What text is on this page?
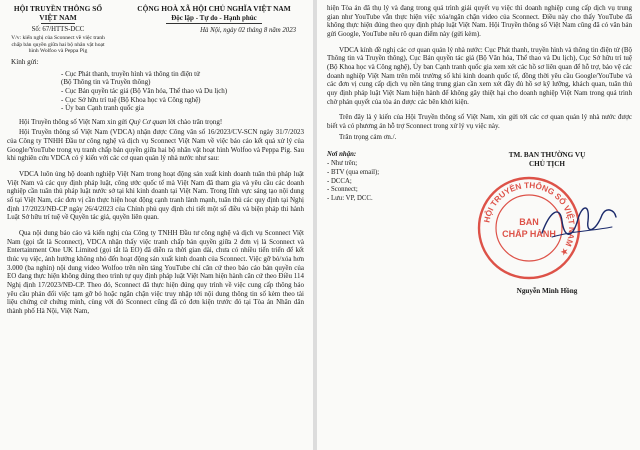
HỘI TRUYỀN THÔNG SỐ
VIỆT NAM
Số: 67/HTTS-DCC
V/v: kiến nghị của Sconnect về việc tranh chấp bản quyền giữa hai bộ nhân vật hoạt hình Wolfoo và Peppa Pig
CỘNG HOÀ XÃ HỘI CHỦ NGHĨA VIỆT NAM
Độc lập - Tự do - Hạnh phúc
Hà Nội, ngày 02 tháng 8 năm 2023
Kính gửi:
- Cục Phát thanh, truyền hình và thông tin điện tử
(Bộ Thông tin và Truyền thông)
- Cục Bản quyền tác giả (Bộ Văn hóa, Thể thao và Du lịch)
- Cục Sở hữu trí tuệ (Bộ Khoa học và Công nghệ)
- Ủy ban Cạnh tranh quốc gia

Hội Truyền thông số Việt Nam xin gửi Quý Cơ quan lời chào trân trọng!

Hội Truyền thông số Việt Nam (VDCA) nhận được Công văn số 16/2023/CV-SCN ngày 31/7/2023 của Công ty TNHH Đầu tư công nghệ và dịch vụ Sconnect Việt Nam về việc báo cáo kết quả xử lý của Google/YouTube trong vụ tranh chấp bản quyền giữa hai bộ nhân vật hoạt hình Wolfoo và Peppa Pig. Sau khi nghiên cứu VDCA có ý kiến với các cơ quan quản lý nhà nước như sau:

VDCA luôn ủng hộ doanh nghiệp Việt Nam trong hoạt động sản xuất kinh doanh tuân thủ pháp luật Việt Nam và các quy định pháp luật, công ước quốc tế mà Việt Nam đã tham gia và yêu cầu các doanh nghiệp cần tuân thủ pháp luật nước sở tại khi kinh doanh tại Việt Nam. Trong lĩnh vực sáng tạo nội dung số tại Việt Nam, các đơn vị cần thực hiện hoạt động cạnh tranh lành mạnh, tuân thủ các quy định tại Nghị định 17/2023/NĐ-CP ngày 26/4/2023 của Chính phủ quy định chi tiết một số điều và biện pháp thi hành Luật Sở hữu trí tuệ về Quyền tác giả, quyền liên quan.

Qua nội dung báo cáo và kiến nghị của Công ty TNHH Đầu tư công nghệ và dịch vụ Sconnect Việt Nam (gọi tắt là Sconnect), VDCA nhận thấy việc tranh chấp bản quyền giữa 2 đơn vị là Sconnect và Entertainment One UK Limited (gọi tắt là EO) đã diễn ra thời gian dài, chưa có nhiều tiến triển để kết thúc vụ việc, ảnh hưởng không nhỏ đến hoạt động sản xuất kinh doanh của Sconnect. Việc gỡ bỏ/xóa hơn 3.000 (ba nghìn) nội dung video Wolfoo trên nền tảng YouTube chỉ căn cứ theo báo cáo bản quyền của EO đang thực hiện không đúng theo trình tự quy định pháp luật Việt Nam hiện hành căn cứ theo Điều 114 Nghị định 17/2023/NĐ-CP. Theo đó, Sconnect đã thực hiện đúng quy trình về việc cung cấp thông báo yêu cầu phản đối việc tạm gỡ bỏ hoặc ngăn chặn việc truy nhập tới nội dung thông tin số kèm theo tài liệu chứng cứ chứng minh, cùng với đó Sconnect cũng đã có đơn kiện trước đó tại Tòa án Nhân dân thành phố Hà Nội, Việt Nam,

hiện Tòa án đã thụ lý và đang trong quá trình giải quyết vụ việc thì doanh nghiệp cung cấp dịch vụ trung gian như YouTube vẫn thực hiện việc xóa/ngăn chặn video của Sconnect. Điều này cho thấy YouTube đã không thực hiện đúng theo quy định pháp luật Việt Nam. Hội Truyền thông số Việt Nam cũng đã có văn bản gửi Google, YouTube nêu rõ quan điểm này (gửi kèm).

VDCA kính đề nghị các cơ quan quản lý nhà nước: Cục Phát thanh, truyền hình và thông tin điện tử (Bộ Thông tin và Truyền thông), Cục Bản quyền tác giả (Bộ Văn hóa, Thể thao và Du lịch), Cục Sở hữu trí tuệ (Bộ Khoa học và Công nghệ), Ủy ban Cạnh tranh quốc gia xem xét các hồ sơ liên quan để hỗ trợ, bảo vệ các doanh nghiệp Việt Nam trên môi trường số khi kinh doanh quốc tế, đồng thời yêu cầu Google/YouTube và các đơn vị cung cấp dịch vụ nền tảng trung gian cần xem xét đầy đủ hồ sơ kỹ lưỡng, khách quan, tuân thủ quy định pháp luật Việt Nam hiện hành để không gây thiệt hại cho doanh nghiệp Việt Nam trong quá trình chờ phán quyết của tòa án được các bên khởi kiện.

Trên đây là ý kiến của Hội Truyền thông số Việt Nam, xin gửi tới các cơ quan quản lý nhà nước được biết và có phương án hỗ trợ Sconnect trong xử lý vụ việc này.

Trân trọng cảm ơn./.

Nơi nhận:
- Như trên;
- BTV (qua email);
- DCCA;
- Sconnect;
- Lưu: VP, DCC.
TM. BAN THƯỜNG VỤ
CHỦ TỊCH
HỘI TRUYỀN THÔNG SỐ VIỆT NAM ★
BAN
CHẤP HÀNH
Nguyễn Minh Hồng
